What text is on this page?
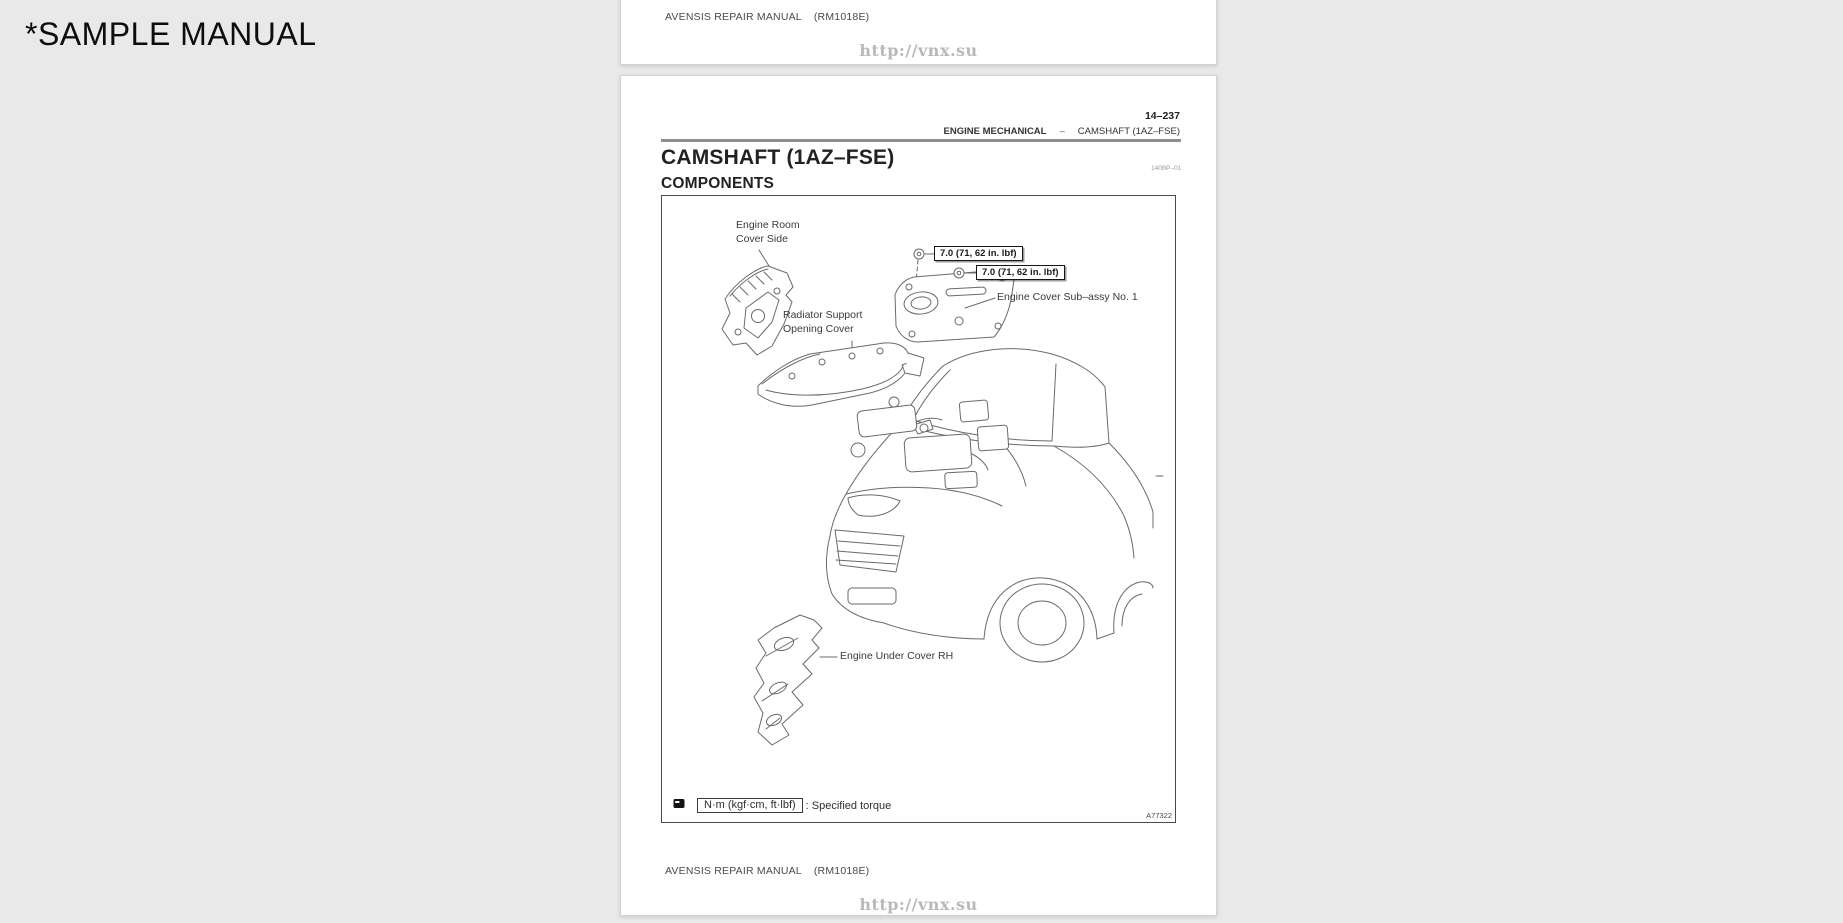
*SAMPLE MANUAL	AVENSIS REPAIR MANUAL (RM1018E)
http://vnx.su
14–237
ENGINE MECHANICAL – CAMSHAFT (1AZ–FSE)
CAMSHAFT (1AZ–FSE)
COMPONENTS
140BP–01
Engine Room
Cover Side
7.0 (71, 62 in. lbf)
7.0 (71, 62 in. lbf)
Engine Cover Sub–assy No. 1
Radiator Support
Opening Cover
Engine Under Cover RH
N·m (kgf·cm, ft·lbf) : Specified torque
A77322
AVENSIS REPAIR MANUAL (RM1018E)
http://vnx.su
